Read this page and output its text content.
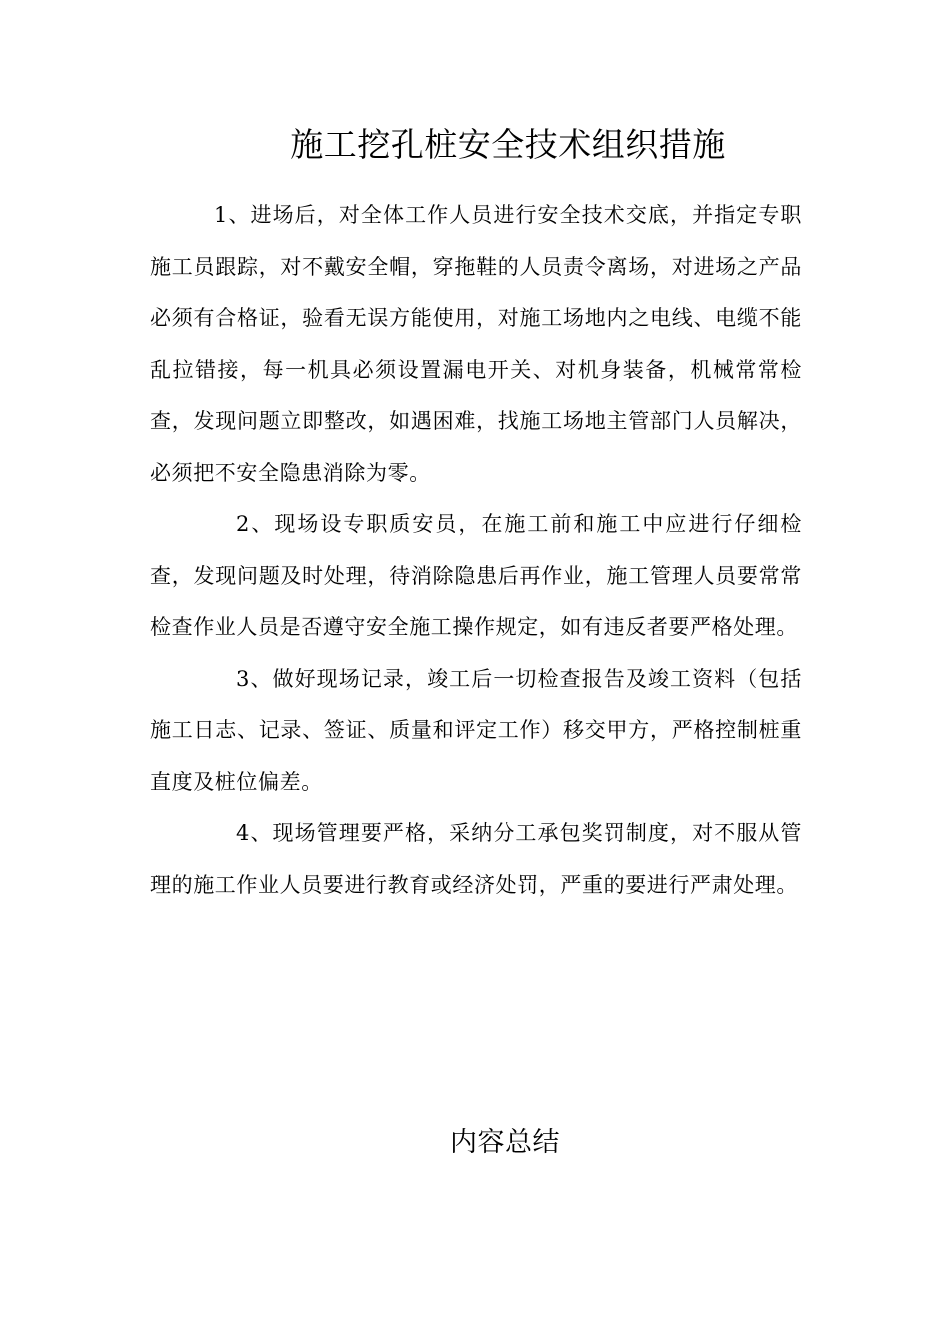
施工挖孔桩安全技术组织措施

1、进场后，对全体工作人员进行安全技术交底，并指定专职施工员跟踪，对不戴安全帽，穿拖鞋的人员责令离场，对进场之产品必须有合格证，验看无误方能使用，对施工场地内之电线、电缆不能乱拉错接，每一机具必须设置漏电开关、对机身装备，机械常常检查，发现问题立即整改，如遇困难，找施工场地主管部门人员解决，必须把不安全隐患消除为零。

2、现场设专职质安员，在施工前和施工中应进行仔细检查，发现问题及时处理，待消除隐患后再作业，施工管理人员要常常检查作业人员是否遵守安全施工操作规定，如有违反者要严格处理。

3、做好现场记录，竣工后一切检查报告及竣工资料（包括施工日志、记录、签证、质量和评定工作）移交甲方，严格控制桩重直度及桩位偏差。

4、现场管理要严格，采纳分工承包奖罚制度，对不服从管理的施工作业人员要进行教育或经济处罚，严重的要进行严肃处理。

内容总结
